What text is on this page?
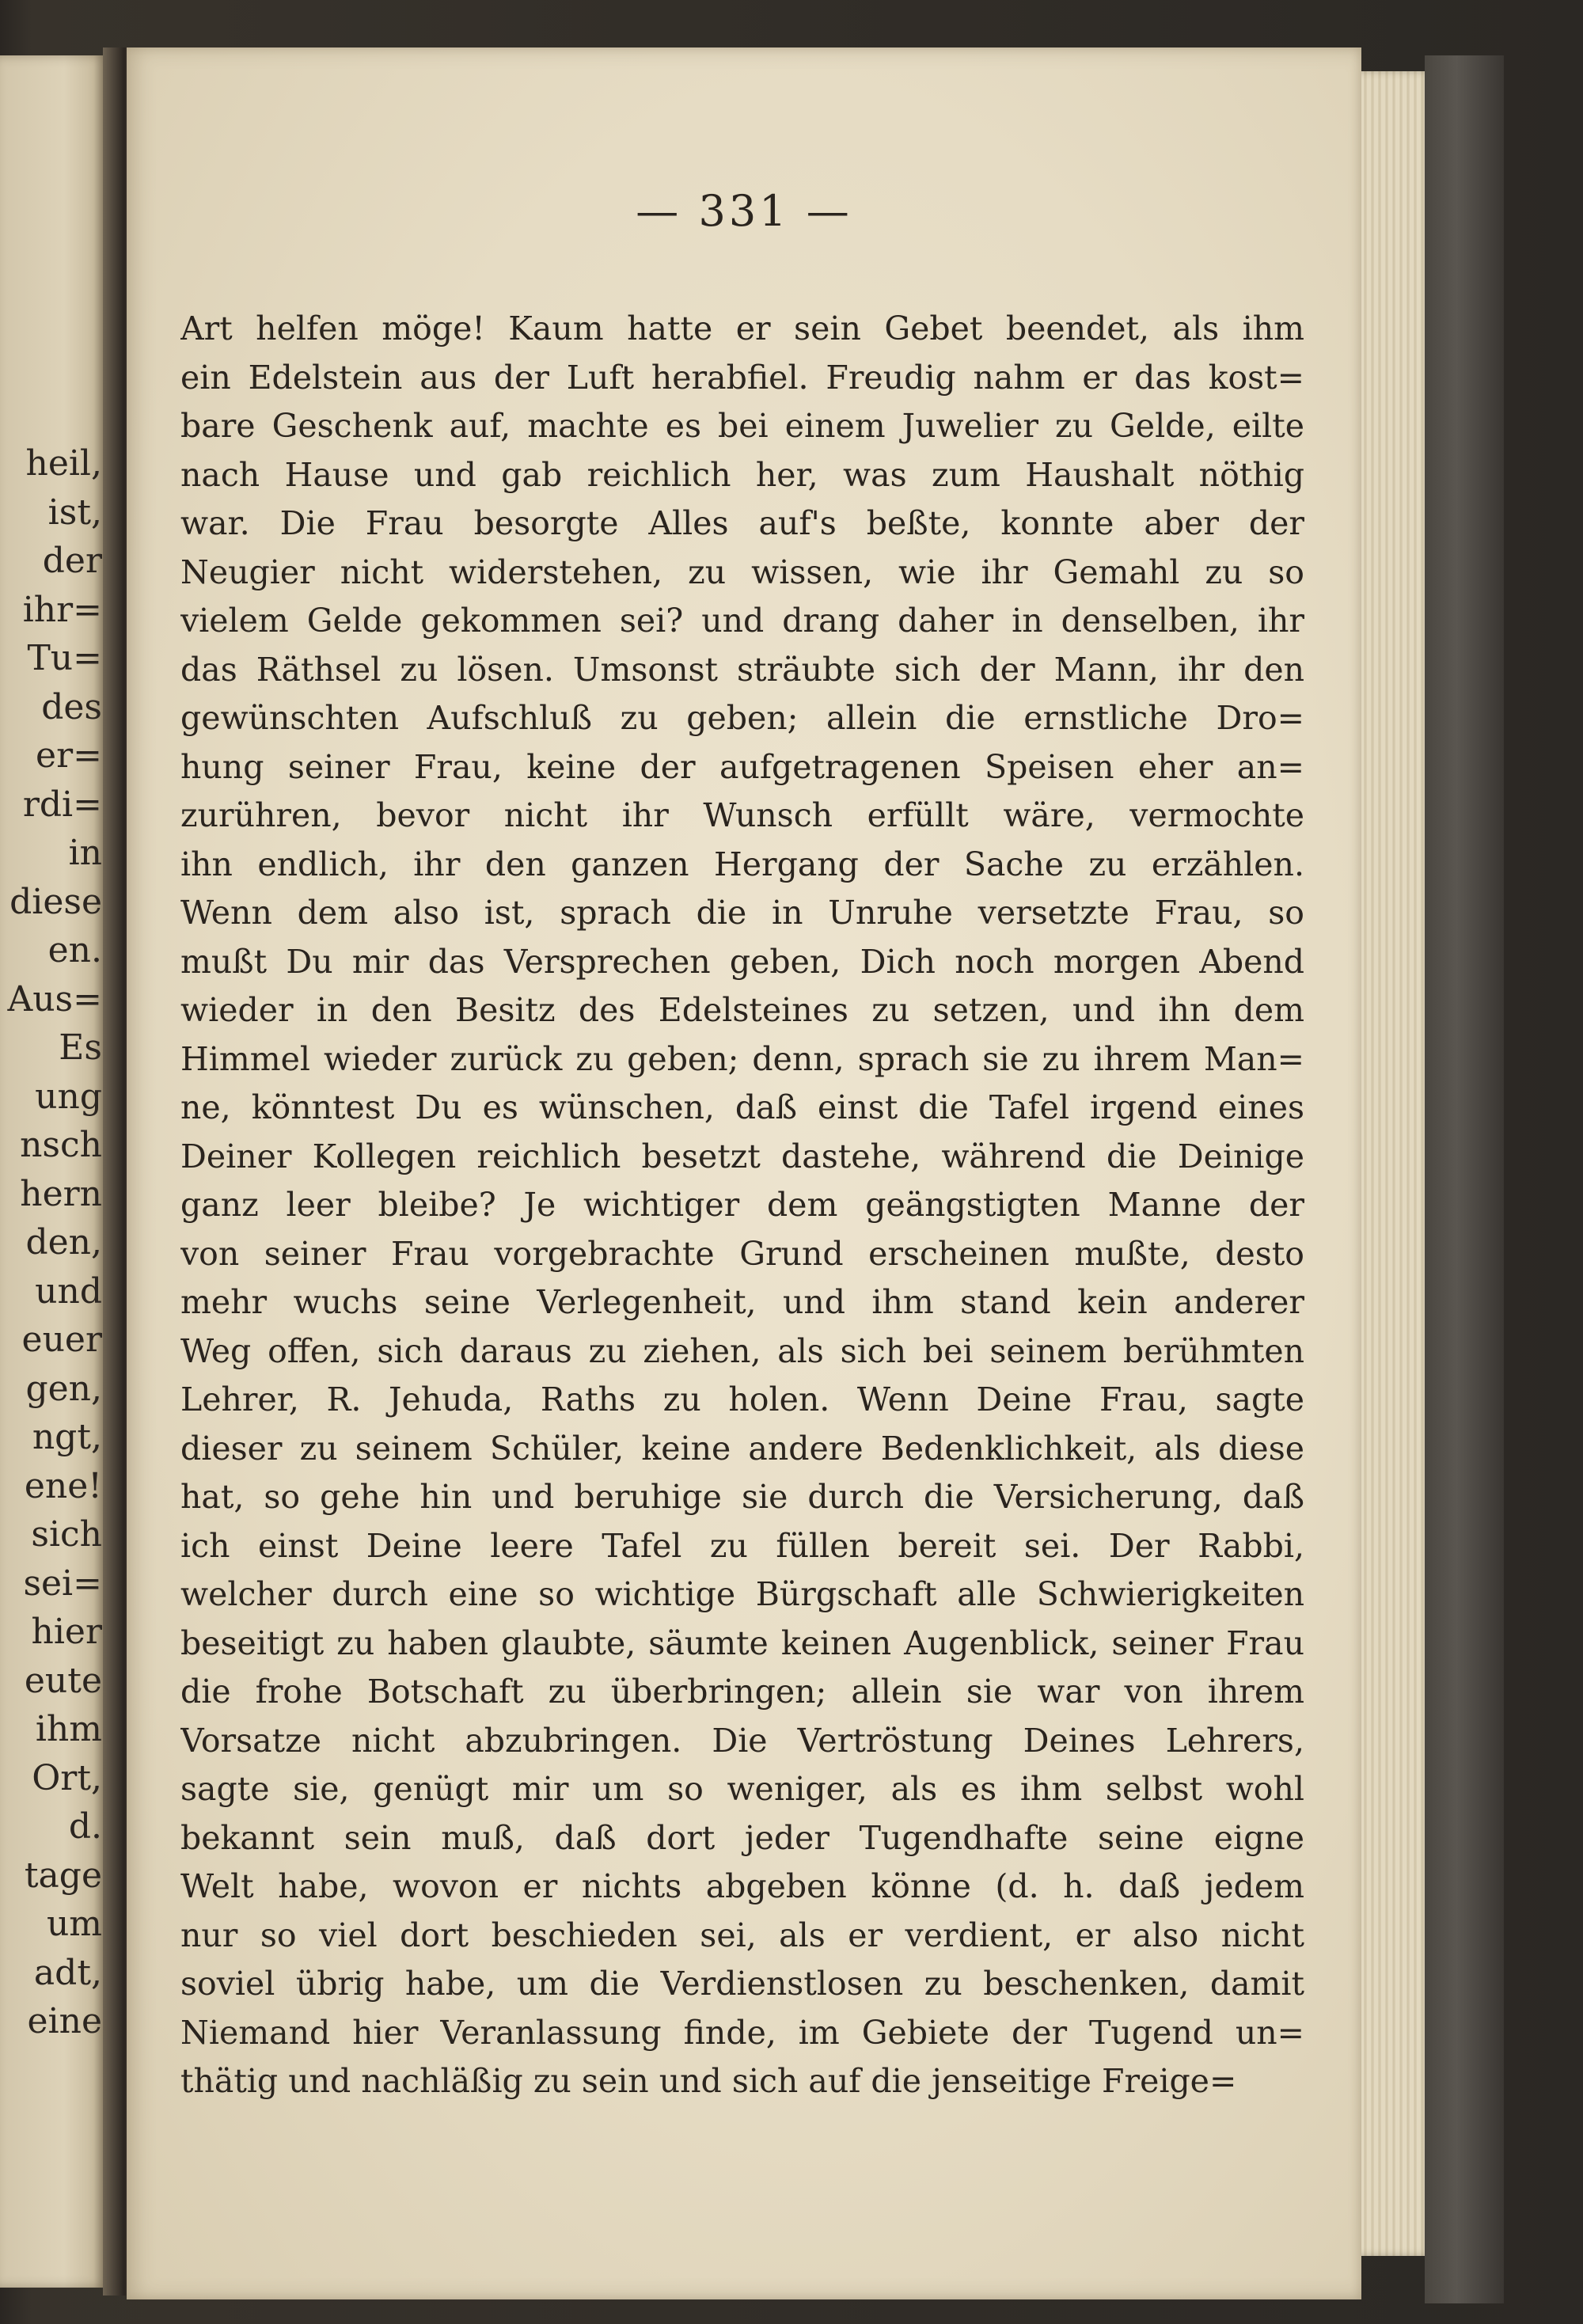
heil,
ist,
der
ihr=
Tu=
des
er=
rdi=
in
diese
en.
Aus=
Es
ung
nsch
hern
den,
und
euer
gen,
ngt,
ene!
sich
sei=
hier
eute
ihm
Ort,
d.
tage
um
adt,
eine
— 331 —
Art helfen möge! Kaum hatte er sein Gebet beendet, als ihm
ein Edelstein aus der Luft herabfiel. Freudig nahm er das kost=
bare Geschenk auf, machte es bei einem Juwelier zu Gelde, eilte
nach Hause und gab reichlich her, was zum Haushalt nöthig
war. Die Frau besorgte Alles auf's beßte, konnte aber der
Neugier nicht widerstehen, zu wissen, wie ihr Gemahl zu so
vielem Gelde gekommen sei? und drang daher in denselben, ihr
das Räthsel zu lösen. Umsonst sträubte sich der Mann, ihr den
gewünschten Aufschluß zu geben; allein die ernstliche Dro=
hung seiner Frau, keine der aufgetragenen Speisen eher an=
zurühren, bevor nicht ihr Wunsch erfüllt wäre, vermochte
ihn endlich, ihr den ganzen Hergang der Sache zu erzählen.
Wenn dem also ist, sprach die in Unruhe versetzte Frau, so
mußt Du mir das Versprechen geben, Dich noch morgen Abend
wieder in den Besitz des Edelsteines zu setzen, und ihn dem
Himmel wieder zurück zu geben; denn, sprach sie zu ihrem Man=
ne, könntest Du es wünschen, daß einst die Tafel irgend eines
Deiner Kollegen reichlich besetzt dastehe, während die Deinige
ganz leer bleibe? Je wichtiger dem geängstigten Manne der
von seiner Frau vorgebrachte Grund erscheinen mußte, desto
mehr wuchs seine Verlegenheit, und ihm stand kein anderer
Weg offen, sich daraus zu ziehen, als sich bei seinem berühmten
Lehrer, R. Jehuda, Raths zu holen. Wenn Deine Frau, sagte
dieser zu seinem Schüler, keine andere Bedenklichkeit, als diese
hat, so gehe hin und beruhige sie durch die Versicherung, daß
ich einst Deine leere Tafel zu füllen bereit sei. Der Rabbi,
welcher durch eine so wichtige Bürgschaft alle Schwierigkeiten
beseitigt zu haben glaubte, säumte keinen Augenblick, seiner Frau
die frohe Botschaft zu überbringen; allein sie war von ihrem
Vorsatze nicht abzubringen. Die Vertröstung Deines Lehrers,
sagte sie, genügt mir um so weniger, als es ihm selbst wohl
bekannt sein muß, daß dort jeder Tugendhafte seine eigne
Welt habe, wovon er nichts abgeben könne (d. h. daß jedem
nur so viel dort beschieden sei, als er verdient, er also nicht
soviel übrig habe, um die Verdienstlosen zu beschenken, damit
Niemand hier Veranlassung finde, im Gebiete der Tugend un=
thätig und nachläßig zu sein und sich auf die jenseitige Freige=
